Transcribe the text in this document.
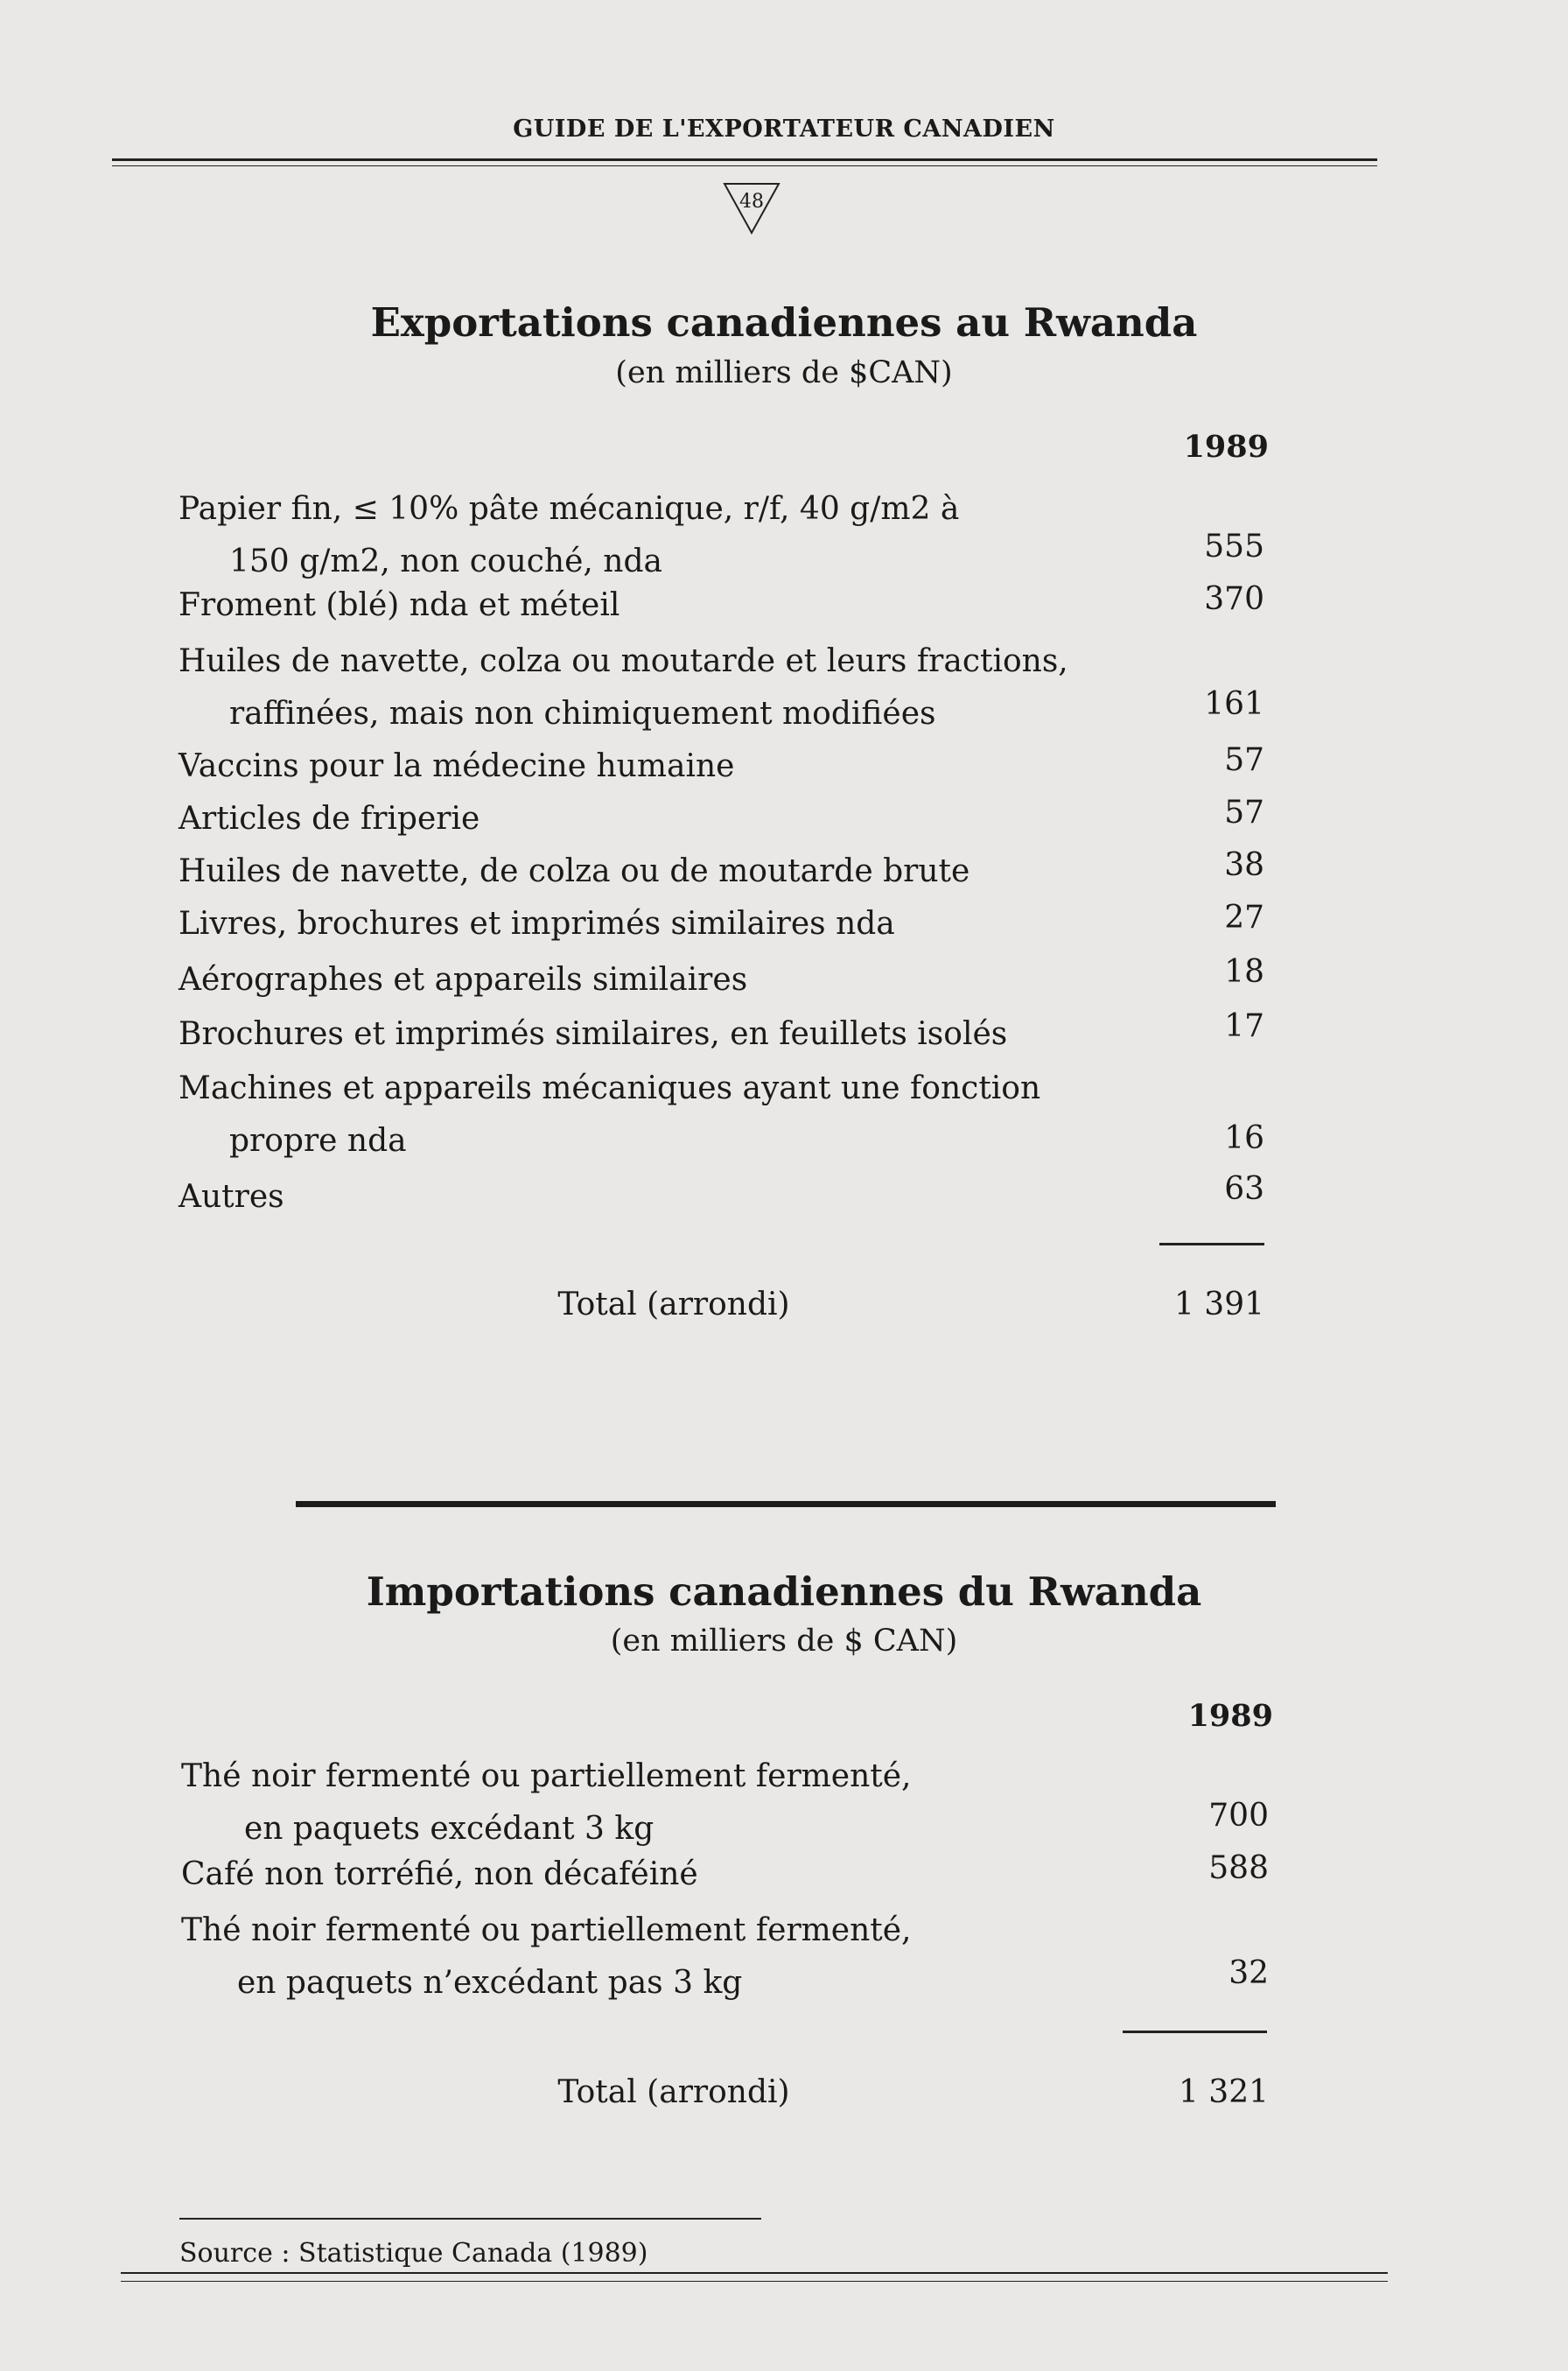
GUIDE DE L'EXPORTATEUR CANADIEN
48
Exportations canadiennes au Rwanda
(en milliers de $CAN)
1989
Papier fin, ≤ 10% pâte mécanique, r/f, 40 g/m2 à
150 g/m2, non couché, nda	555
Froment (blé) nda et méteil	370
Huiles de navette, colza ou moutarde et leurs fractions,
raffinées, mais non chimiquement modifiées	161
Vaccins pour la médecine humaine	57
Articles de friperie	57
Huiles de navette, de colza ou de moutarde brute	38
Livres, brochures et imprimés similaires nda	27
Aérographes et appareils similaires	18
Brochures et imprimés similaires, en feuillets isolés	17
Machines et appareils mécaniques ayant une fonction
propre nda	16
Autres	63
Total (arrondi)	1 391
Importations canadiennes du Rwanda
(en milliers de $ CAN)
1989
Thé noir fermenté ou partiellement fermenté,
en paquets excédant 3 kg	700
Café non torréfié, non décaféiné	588
Thé noir fermenté ou partiellement fermenté,
en paquets n’excédant pas 3 kg	32
Total (arrondi)	1 321
Source : Statistique Canada (1989)
